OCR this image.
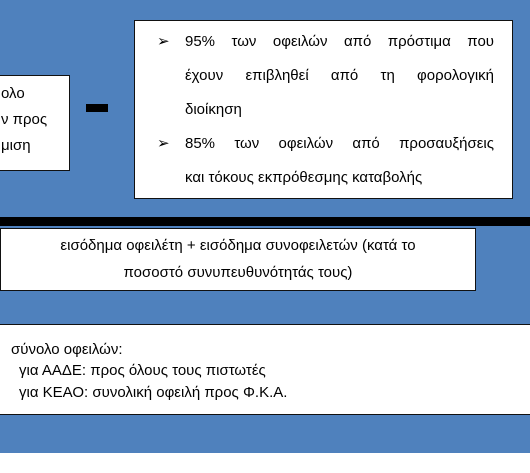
ολο
ν προς
μιση
➢ 95% των οφειλών από πρόστιμα που
έχουν επιβληθεί από τη φορολογική
διοίκηση
➢ 85% των οφειλών από προσαυξήσεις
και τόκους εκπρόθεσμης καταβολής
εισόδημα οφειλέτη + εισόδημα συνοφειλετών (κατά το
ποσοστό συνυπευθυνότητάς τους)
σύνολο οφειλών:
για ΑΑΔΕ: προς όλους τους πιστωτές
για ΚΕΑΟ: συνολική οφειλή προς Φ.Κ.Α.
